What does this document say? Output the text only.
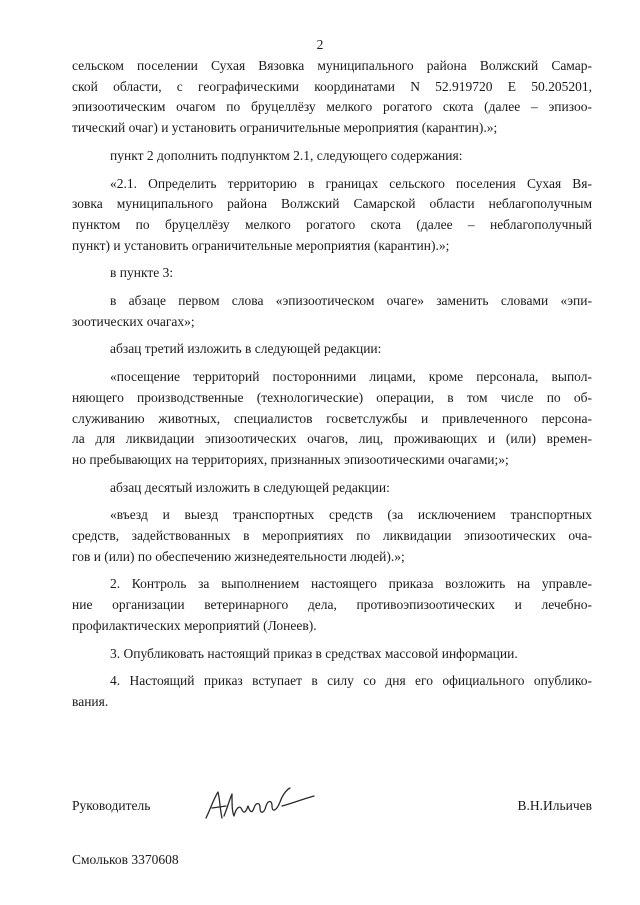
2
сельском поселении Сухая Вязовка муниципального района Волжский Самар-
ской области, с географическими координатами N 52.919720 E 50.205201,
эпизоотическим очагом по бруцеллёзу мелкого рогатого скота (далее – эпизоо-
тический очаг) и установить ограничительные мероприятия (карантин).»;
пункт 2 дополнить подпунктом 2.1, следующего содержания:
«2.1. Определить территорию в границах сельского поселения Сухая Вя-
зовка муниципального района Волжский Самарской области неблагополучным
пунктом по бруцеллёзу мелкого рогатого скота (далее – неблагополучный
пункт) и установить ограничительные мероприятия (карантин).»;
в пункте 3:
в абзаце первом слова «эпизоотическом очаге» заменить словами «эпи-
зоотических очагах»;
абзац третий изложить в следующей редакции:
«посещение территорий посторонними лицами, кроме персонала, выпол-
няющего производственные (технологические) операции, в том числе по об-
служиванию животных, специалистов госветслужбы и привлеченного персона-
ла для ликвидации эпизоотических очагов, лиц, проживающих и (или) времен-
но пребывающих на территориях, признанных эпизоотическими очагами;»;
абзац десятый изложить в следующей редакции:
«въезд и выезд транспортных средств (за исключением транспортных
средств, задействованных в мероприятиях по ликвидации эпизоотических оча-
гов и (или) по обеспечению жизнедеятельности людей).»;
2. Контроль за выполнением настоящего приказа возложить на управле-
ние организации ветеринарного дела, противоэпизоотических и лечебно-
профилактических мероприятий (Лонеев).
3. Опубликовать настоящий приказ в средствах массовой информации.
4. Настоящий приказ вступает в силу со дня его официального опублико-
вания.
Руководитель	В.Н.Ильичев
Смольков 3370608
